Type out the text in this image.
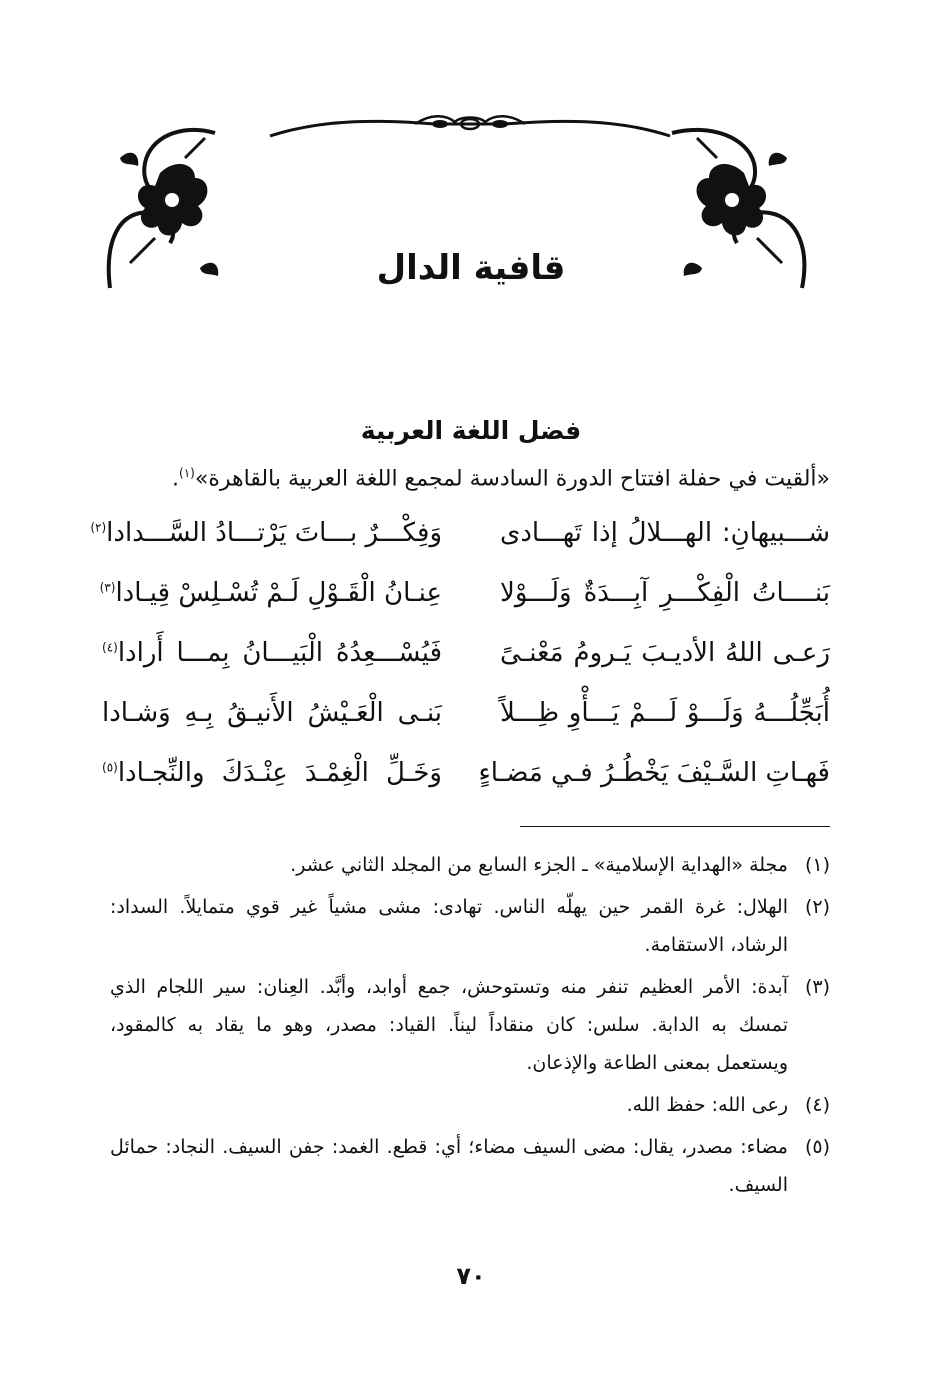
قافية الدال
فضل اللغة العربية
«ألقيت في حفلة افتتاح الدورة السادسة لمجمع اللغة العربية بالقاهرة»$^{(١)}$.
شـــبيهانِ: الهـــلالُ إذا تَهـــادى
وَفِكْـــرٌ بـــاتَ يَرْتـــادُ السَّـــدادا$^{(٢)}$
بَنــــاتُ الْفِكْـــرِ آبِـــدَةٌ وَلَـــوْلا
عِنـانُ الْقَـوْلِ لَـمْ تُسْـلِسْ قِيـادا$^{(٣)}$
رَعـى اللهُ الأديـبَ يَـرومُ مَعْنـىً
فَيُسْـــعِدُهُ الْبَيـــانُ بِمـــا أَرادا$^{(٤)}$
أُبَجِّلُـــهُ وَلَـــوْ لَـــمْ يَـــأْوِ ظِـــلاً
بَنـى الْعَـيْشُ الأَنيـقُ بِـهِ وَشـادا
فَهـاتِ السَّـيْفَ يَخْطُـرُ فـي مَضـاءٍ
وَخَـلِّ الْغِمْـدَ عِنْـدَكَ والنِّجـادا$^{(٥)}$
(١)
مجلة «الهداية الإسلامية» ـ الجزء السابع من المجلد الثاني عشر.
(٢)
الهلال: غرة القمر حين يهلّه الناس. تهادى: مشى مشياً غير قوي متمايلاً. السداد: الرشاد، الاستقامة.
(٣)
آبدة: الأمر العظيم تنفر منه وتستوحش، جمع أوابد، وأبَّد. العِنان: سير اللجام الذي تمسك به الدابة. سلس: كان منقاداً ليناً. القياد: مصدر، وهو ما يقاد به كالمقود، ويستعمل بمعنى الطاعة والإذعان.
(٤)
رعى الله: حفظ الله.
(٥)
مضاء: مصدر، يقال: مضى السيف مضاء؛ أي: قطع. الغمد: جفن السيف. النجاد: حمائل السيف.
٧٠
